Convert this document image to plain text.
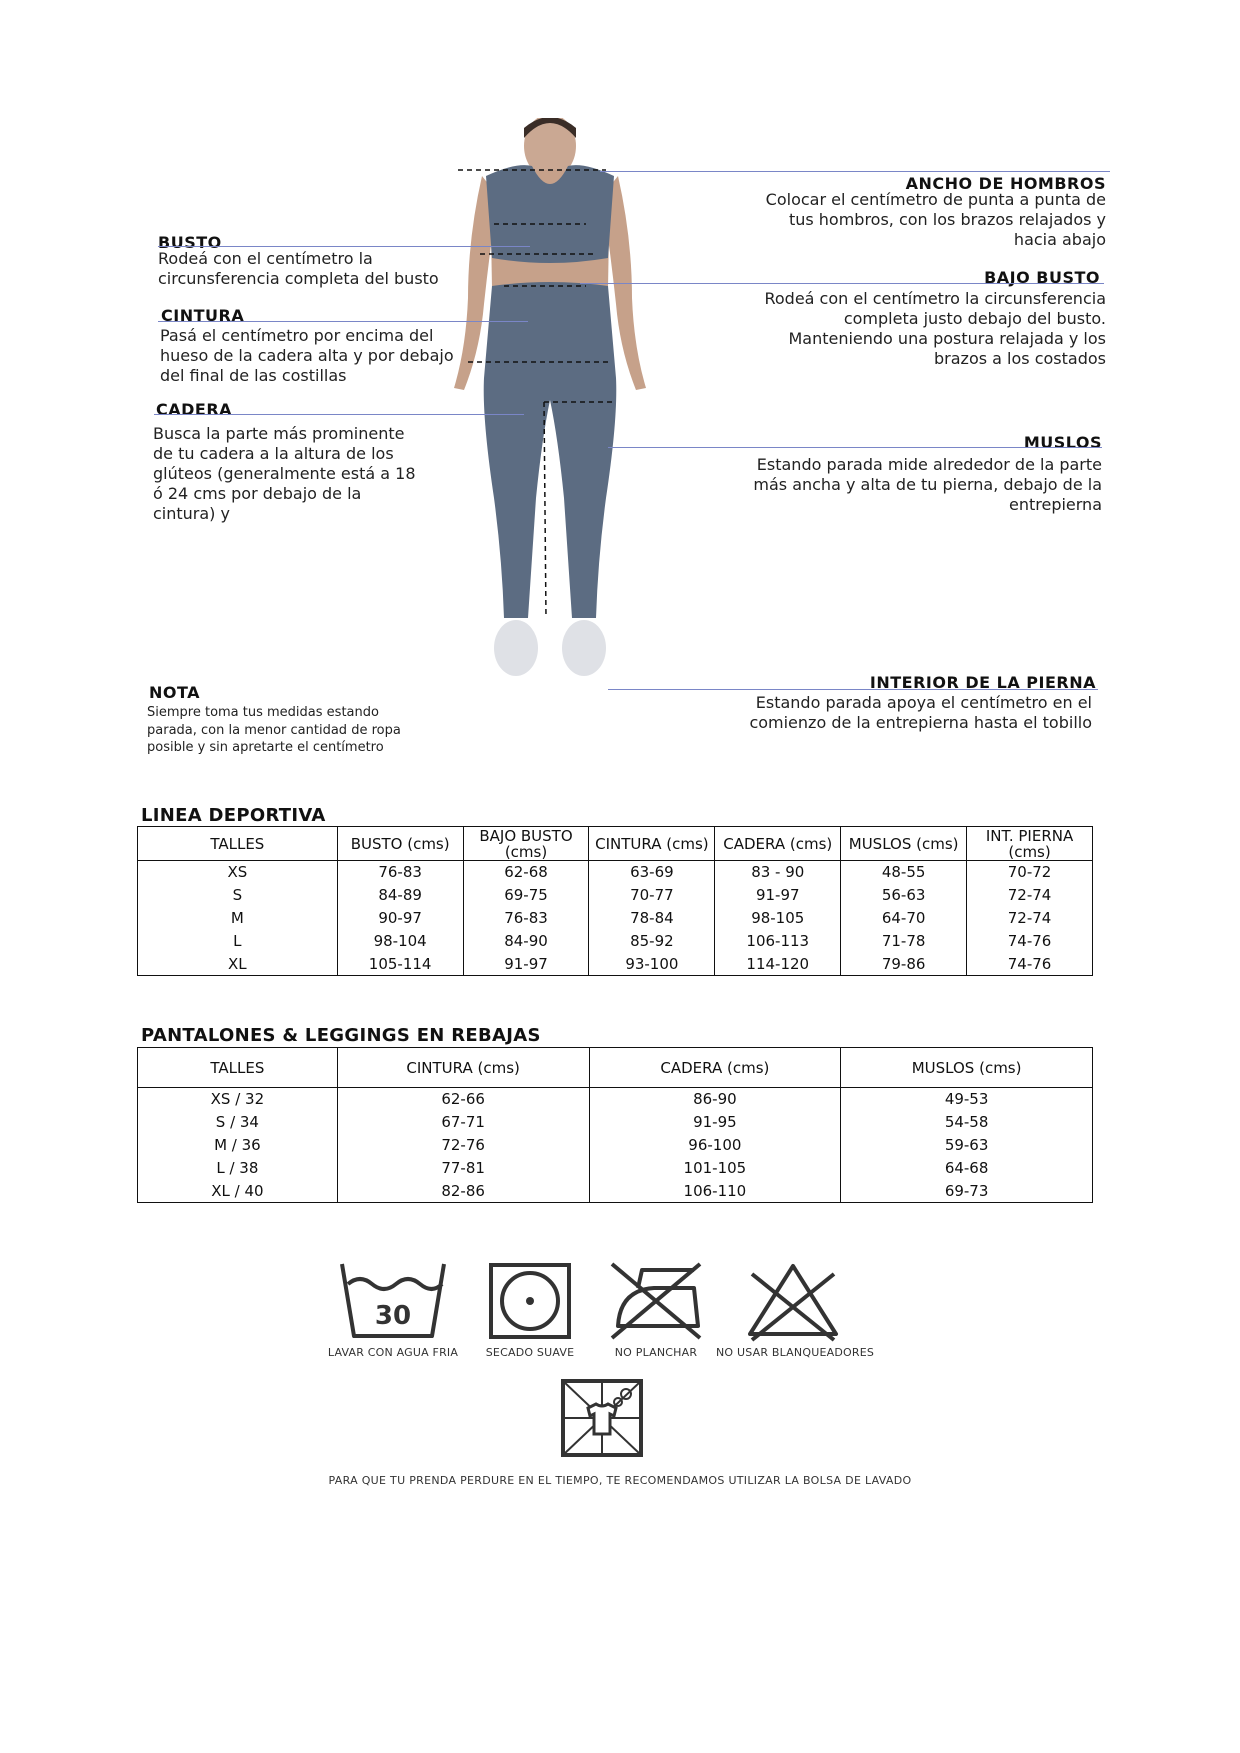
ANCHO DE HOMBROS
Colocar el centímetro de punta a punta de tus hombros, con los brazos relajados y hacia abajo
BUSTO
Rodeá con el centímetro la circunsferencia completa del busto	BAJO BUSTO
Rodeá con el centímetro la circunsferencia completa justo debajo del busto. Manteniendo una postura relajada y los brazos a los costados
CINTURA
Pasá el centímetro por encima del hueso de la cadera alta y por debajo del final de las costillas
CADERA
Busca la parte más prominente de tu cadera a la altura de los glúteos (generalmente está a 18 ó 24 cms por debajo de la cintura) y
MUSLOS
Estando parada mide alrededor de la parte más ancha y alta de tu pierna, debajo de la entrepierna
NOTA
Siempre toma tus medidas estando parada, con la menor cantidad de ropa posible y sin apretarte el centímetro
INTERIOR DE LA PIERNA
Estando parada apoya el centímetro en el comienzo de la entrepierna hasta el tobillo
LINEA DEPORTIVA
TALLES	BUSTO (cms)	BAJO BUSTO (cms)	CINTURA (cms)	CADERA (cms)	MUSLOS (cms)	INT. PIERNA (cms)
XS	76-83	62-68	63-69	83 - 90	48-55	70-72
S	84-89	69-75	70-77	91-97	56-63	72-74
M	90-97	76-83	78-84	98-105	64-70	72-74
L	98-104	84-90	85-92	106-113	71-78	74-76
XL	105-114	91-97	93-100	114-120	79-86	74-76
PANTALONES & LEGGINGS EN REBAJAS
TALLES	CINTURA (cms)	CADERA (cms)	MUSLOS (cms)
XS / 32	62-66	86-90	49-53
S / 34	67-71	91-95	54-58
M / 36	72-76	96-100	59-63
L / 38	77-81	101-105	64-68
XL / 40	82-86	106-110	69-73
30
LAVAR CON AGUA FRIA	SECADO SUAVE	NO PLANCHAR	NO USAR BLANQUEADORES
PARA QUE TU PRENDA PERDURE EN EL TIEMPO, TE RECOMENDAMOS UTILIZAR LA BOLSA DE LAVADO
